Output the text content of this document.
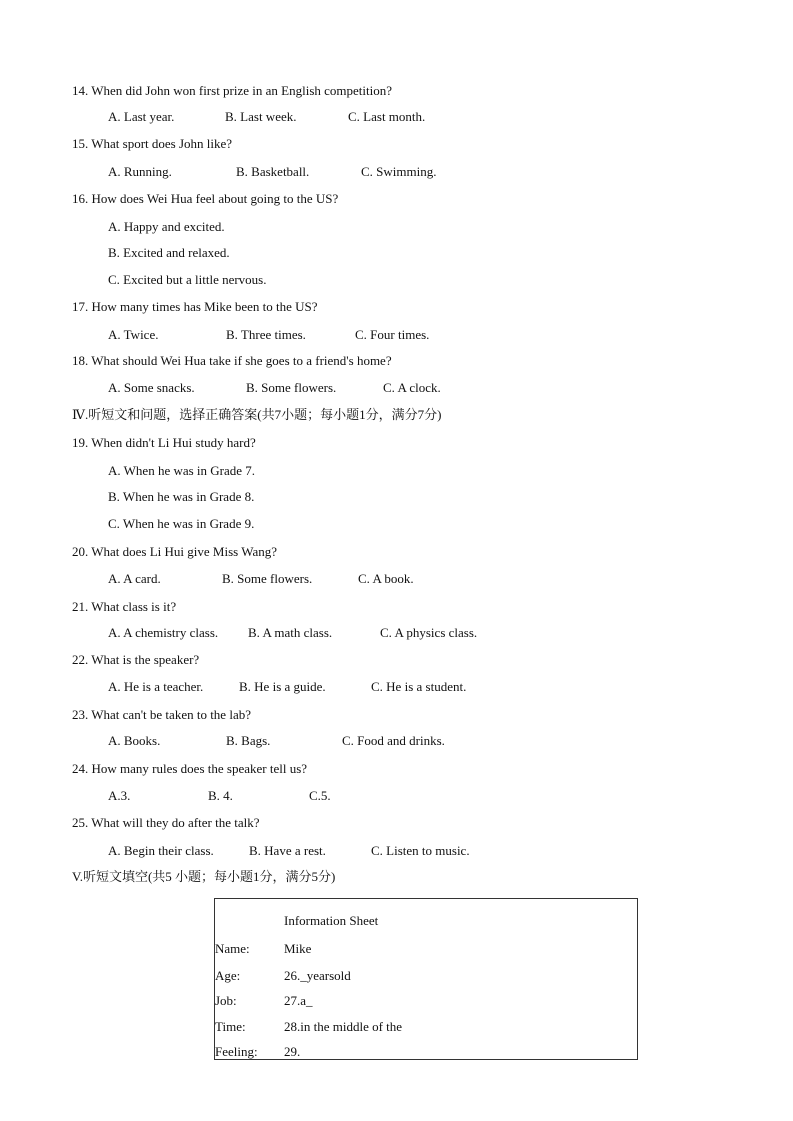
14. When did John won first prize in an English competition?
A. Last year.	B. Last week.	C. Last month.
15. What sport does John like?
A. Running.	B. Basketball.	C. Swimming.
16. How does Wei Hua feel about going to the US?
A. Happy and excited.
B. Excited and relaxed.
C. Excited but a little nervous.
17. How many times has Mike been to the US?
A. Twice.	B. Three times.	C. Four times.
18. What should Wei Hua take if she goes to a friend's home?
A. Some snacks.	B. Some flowers.	C. A clock.
Ⅳ.听短文和问题，选择正确答案(共7小题；每小题1分，满分7分)
19. When didn't Li Hui study hard?
A. When he was in Grade 7.
B. When he was in Grade 8.
C. When he was in Grade 9.
20. What does Li Hui give Miss Wang?
A. A card.	B. Some flowers.	C. A book.
21. What class is it?
A. A chemistry class. B. A math class.	C. A physics class.
22. What is the speaker?
A. He is a teacher.	B. He is a guide.	C. He is a student.
23. What can't be taken to the lab?
A. Books.	B. Bags.	C. Food and drinks.
24. How many rules does the speaker tell us?
A.3.	B. 4.	C.5.
25. What will they do after the talk?
A. Begin their class.	B. Have a rest.	C. Listen to music.
V.听短文填空(共5 小题；每小题1分，满分5分)
Information Sheet
Name:	Mike
Age:	26._yearsold
Job:	27.a_
Time:	28.in the middle of the
Feeling: 29.
